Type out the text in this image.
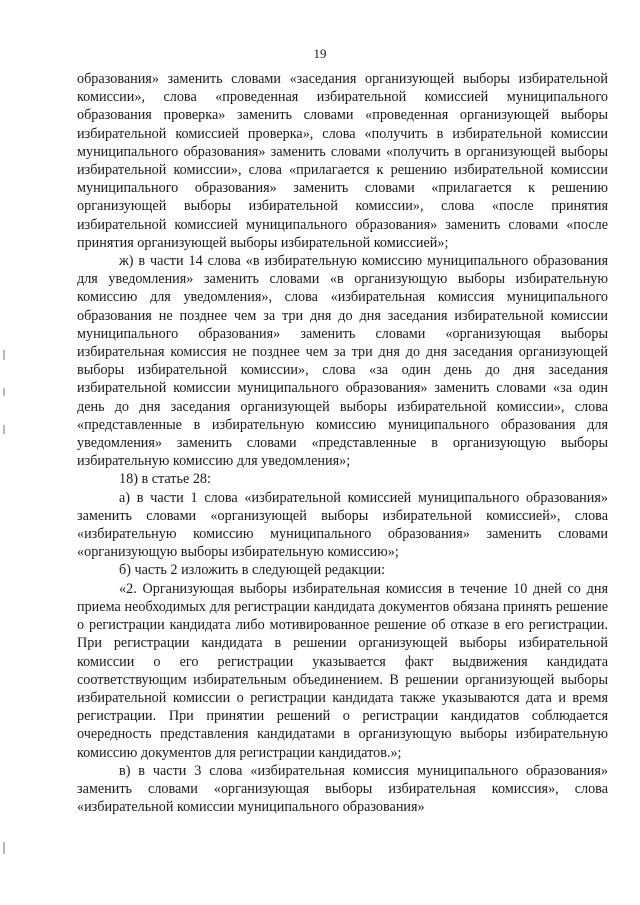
19

образования» заменить словами «заседания организующей выборы избирательной комиссии», слова «проведенная избирательной комиссией муниципального образования проверка» заменить словами «проведенная организующей выборы избирательной комиссией проверка», слова «получить в избирательной комиссии муниципального образования» заменить словами «получить в организующей выборы избирательной комиссии», слова «прилагается к решению избирательной комиссии муниципального образования» заменить словами «прилагается к решению организующей выборы избирательной комиссии», слова «после принятия избирательной комиссией муниципального образования» заменить словами «после принятия организующей выборы избирательной комиссией»;

ж) в части 14 слова «в избирательную комиссию муниципального образования для уведомления» заменить словами «в организующую выборы избирательную комиссию для уведомления», слова «избирательная комиссия муниципального образования не позднее чем за три дня до дня заседания избирательной комиссии муниципального образования» заменить словами «организующая выборы избирательная комиссия не позднее чем за три дня до дня заседания организующей выборы избирательной комиссии», слова «за один день до дня заседания избирательной комиссии муниципального образования» заменить словами «за один день до дня заседания организующей выборы избирательной комиссии», слова «представленные в избирательную комиссию муниципального образования для уведомления» заменить словами «представленные в организующую выборы избирательную комиссию для уведомления»;

18) в статье 28:

а) в части 1 слова «избирательной комиссией муниципального образования» заменить словами «организующей выборы избирательной комиссией», слова «избирательную комиссию муниципального образования» заменить словами «организующую выборы избирательную комиссию»;

б) часть 2 изложить в следующей редакции:

«2. Организующая выборы избирательная комиссия в течение 10 дней со дня приема необходимых для регистрации кандидата документов обязана принять решение о регистрации кандидата либо мотивированное решение об отказе в его регистрации. При регистрации кандидата в решении организующей выборы избирательной комиссии о его регистрации указывается факт выдвижения кандидата соответствующим избирательным объединением. В решении организующей выборы избирательной комиссии о регистрации кандидата также указываются дата и время регистрации. При принятии решений о регистрации кандидатов соблюдается очередность представления кандидатами в организующую выборы избирательную комиссию документов для регистрации кандидатов.»;

в) в части 3 слова «избирательная комиссия муниципального образования» заменить словами «организующая выборы избирательная комиссия», слова «избирательной комиссии муниципального образования»
